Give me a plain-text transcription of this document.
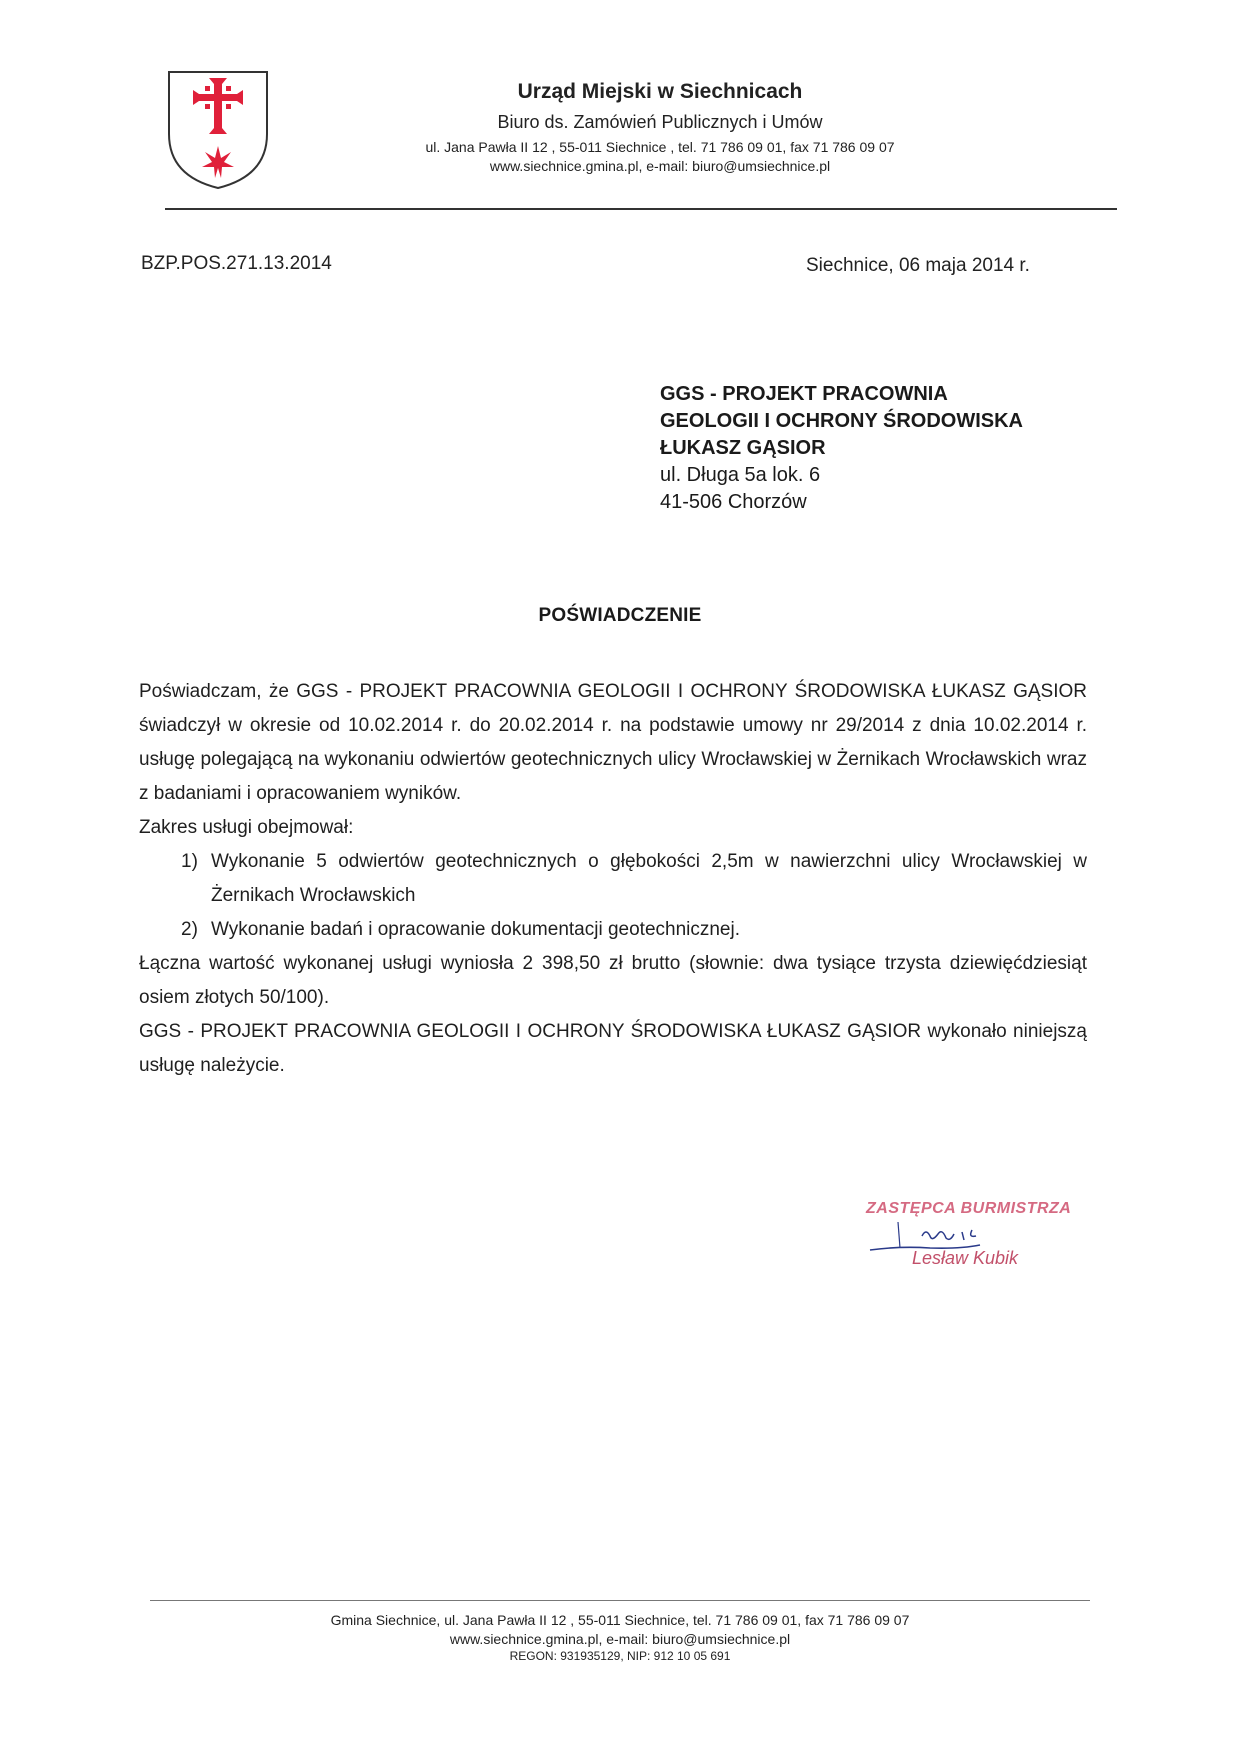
Urząd Miejski w Siechnicach
Biuro ds. Zamówień Publicznych i Umów
ul. Jana Pawła II 12 , 55-011 Siechnice , tel. 71 786 09 01, fax 71 786 09 07
www.siechnice.gmina.pl, e-mail: biuro@umsiechnice.pl
BZP.POS.271.13.2014	Siechnice, 06 maja 2014 r.
GGS - PROJEKT PRACOWNIA
GEOLOGII I OCHRONY ŚRODOWISKA
ŁUKASZ GĄSIOR
ul. Długa 5a lok. 6
41-506 Chorzów
POŚWIADCZENIE

Poświadczam, że GGS - PROJEKT PRACOWNIA GEOLOGII I OCHRONY ŚRODOWISKA ŁUKASZ GĄSIOR świadczył w okresie od 10.02.2014 r. do 20.02.2014 r. na podstawie umowy nr 29/2014 z dnia 10.02.2014 r. usługę polegającą na wykonaniu odwiertów geotechnicznych ulicy Wrocławskiej w Żernikach Wrocławskich wraz z badaniami i opracowaniem wyników.

Zakres usługi obejmował:

1) Wykonanie 5 odwiertów geotechnicznych o głębokości 2,5m w nawierzchni ulicy Wrocławskiej w Żernikach Wrocławskich
2) Wykonanie badań i opracowanie dokumentacji geotechnicznej.

Łączna wartość wykonanej usługi wyniosła 2 398,50 zł brutto (słownie: dwa tysiące trzysta dziewięćdziesiąt osiem złotych 50/100).

GGS - PROJEKT PRACOWNIA GEOLOGII I OCHRONY ŚRODOWISKA ŁUKASZ GĄSIOR wykonało niniejszą usługę należycie.

ZASTĘPCA BURMISTRZA
Lesław Kubik
Gmina Siechnice, ul. Jana Pawła II 12 , 55-011 Siechnice, tel. 71 786 09 01, fax 71 786 09 07
www.siechnice.gmina.pl, e-mail: biuro@umsiechnice.pl
REGON: 931935129, NIP: 912 10 05 691
